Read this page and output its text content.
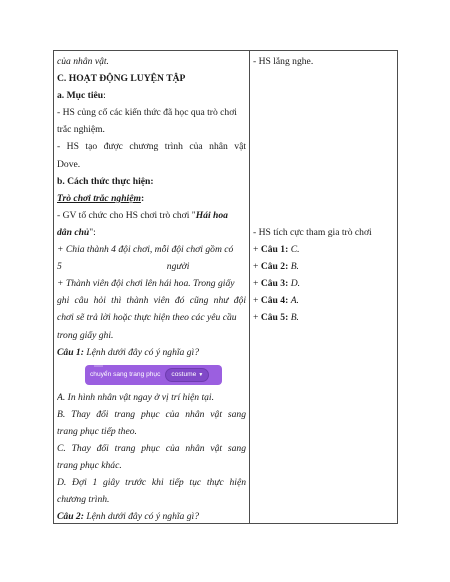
của nhân vật.
C. HOẠT ĐỘNG LUYỆN TẬP
a. Mục tiêu:
- HS củng cố các kiến thức đã học qua trò chơi
trắc nghiệm.
- HS tạo được chương trình của nhân vật
Dove.
b. Cách thức thực hiện:
Trò chơi trắc nghiệm:
- GV tổ chức cho HS chơi trò chơi "Hái hoa
dân chủ":
+ Chia thành 4 đội chơi, mỗi đội chơi gồm có
5	người
+ Thành viên đội chơi lên hái hoa. Trong giấy
ghi câu hỏi thì thành viên đó cũng như đội
chơi sẽ trả lời hoặc thực hiện theo các yêu cầu
trong giấy ghi.
Câu 1: Lệnh dưới đây có ý nghĩa gì?
chuyển sang trang phục costume ▼
A. In hình nhân vật ngay ở vị trí hiện tại.
B. Thay đổi trang phục của nhân vật sang
trang phục tiếp theo.
C. Thay đổi trang phục của nhân vật sang
trang phục khác.
D. Đợi 1 giây trước khi tiếp tục thực hiện
chương trình.
Câu 2: Lệnh dưới đây có ý nghĩa gì?
- HS lắng nghe.
- HS tích cực tham gia trò chơi
+ Câu 1: C.
+ Câu 2: B.
+ Câu 3: D.
+ Câu 4: A.
+ Câu 5: B.
